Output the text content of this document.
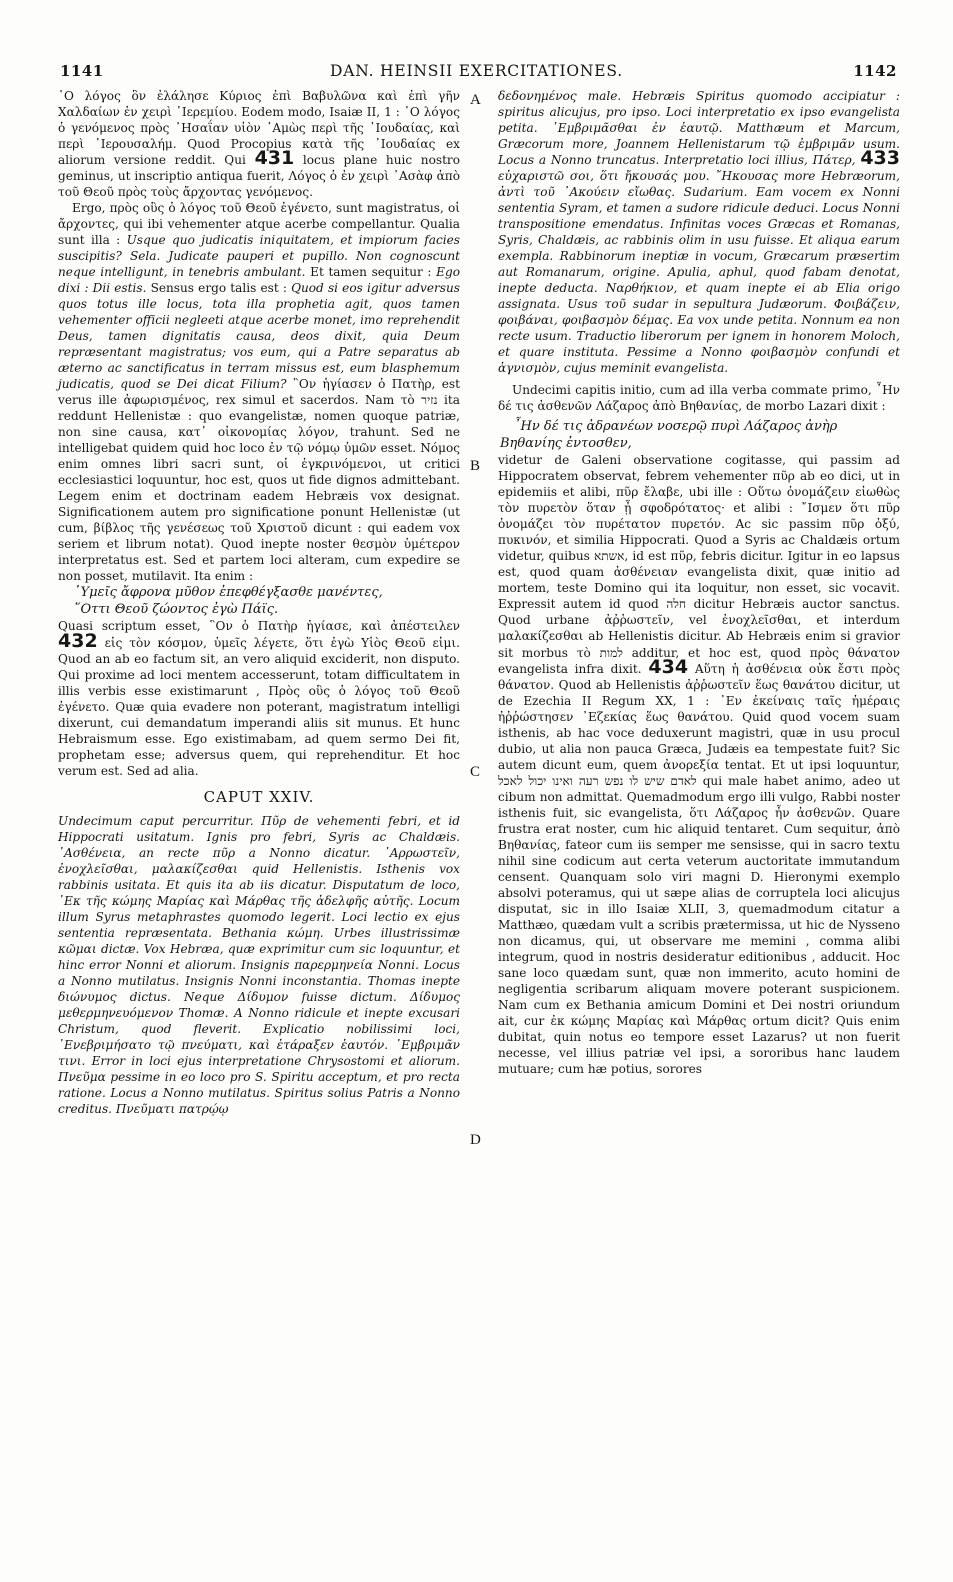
1141	DAN. HEINSII EXERCITATIONES.	1142
A
B
C
D

῾Ο λόγος ὃν ἐλάλησε Κύριος ἐπὶ Βαβυλῶνα καὶ ἐπὶ γῆν Χαλδαίων ἐν χειρὶ ᾿Ιερεμίου. Eodem modo, Isaiæ II, 1 : ῾Ο λόγος ὁ γενόμενος πρὸς ᾿Ησαΐαν υἱὸν ᾿Αμὼς περὶ τῆς ᾿Ιουδαίας, καὶ περὶ ῾Ιερουσαλήμ. Quod Procopius κατὰ τῆς ᾿Ιουδαίας ex aliorum versione reddit. Qui 431 locus plane huic nostro geminus, ut inscriptio antiqua fuerit, Λόγος ὁ ἐν χειρὶ ᾿Ασὰφ ἀπὸ τοῦ Θεοῦ πρὸς τοὺς ἄρχοντας γενόμενος.

Ergo, πρὸς οὓς ὁ λόγος τοῦ Θεοῦ ἐγένετο, sunt magistratus, οἱ ἄρχοντες, qui ibi vehementer atque acerbe compellantur. Qualia sunt illa : Usque quo judicatis iniquitatem, et impiorum facies suscipitis? Sela. Judicate pauperi et pupillo. Non cognoscunt neque intelligunt, in tenebris ambulant. Et tamen sequitur : Ego dixi : Dii estis. Sensus ergo talis est : Quod si eos igitur adversus quos totus ille locus, tota illa prophetia agit, quos tamen vehementer officii negleeti atque acerbe monet, imo reprehendit Deus, tamen dignitatis causa, deos dixit, quia Deum repræsentant magistratus; vos eum, qui a Patre separatus ab æterno ac sanctificatus in terram missus est, eum blasphemum judicatis, quod se Dei dicat Filium? ῝Ον ἡγίασεν ὁ Πατὴρ, est verus ille ἀφωρισμένος, rex simul et sacerdos. Nam τὸ נזיר ita reddunt Hellenistæ : quo evangelistæ, nomen quoque patriæ, non sine causa, κατ᾿ οἰκονομίας λόγον, trahunt. Sed ne intelligebat quidem quid hoc loco ἐν τῷ νόμῳ ὑμῶν esset. Νόμος enim omnes libri sacri sunt, οἱ ἐγκρινόμενοι, ut critici ecclesiastici loquuntur, hoc est, quos ut fide dignos admittebant. Legem enim et doctrinam eadem Hebræis vox designat. Significationem autem pro significatione ponunt Hellenistæ (ut cum, βίβλος τῆς γενέσεως τοῦ Χριστοῦ dicunt : qui eadem vox seriem et librum notat). Quod inepte noster θεσμὸν ὑμέτερον interpretatus est. Sed et partem loci alteram, cum expedire se non posset, mutilavit. Ita enim :

῾Υμεῖς ἄφρονα μῦθον ἐπεφθέγξασθε μανέντες,

῞Οττι Θεοῦ ζώοντος ἐγὼ Πάϊς.

Quasi scriptum esset, ῝Ον ὁ Πατὴρ ἡγίασε, καὶ ἀπέστειλεν 432 εἰς τὸν κόσμον, ὑμεῖς λέγετε, ὅτι ἐγὼ Υἱὸς Θεοῦ εἰμι. Quod an ab eo factum sit, an vero aliquid exciderit, non disputo. Qui proxime ad loci mentem accesserunt, totam difficultatem in illis verbis esse existimarunt , Πρὸς οὓς ὁ λόγος τοῦ Θεοῦ ἐγένετο. Quæ quia evadere non poterant, magistratum intelligi dixerunt, cui demandatum imperandi aliis sit munus. Et hunc Hebraismum esse. Ego existimabam, ad quem sermo Dei fit, prophetam esse; adversus quem, qui reprehenditur. Et hoc verum est. Sed ad alia.

CAPUT XXIV.

Undecimum caput percurritur. Πῦρ de vehementi febri, et id Hippocrati usitatum. Ignis pro febri, Syris ac Chaldæis. ᾿Ασθένεια, an recte πῦρ a Nonno dicatur. ᾿Αρρωστεῖν, ἐνοχλεῖσθαι, μαλακίζεσθαι quid Hellenistis. Isthenis vox rabbinis usitata. Et quis ita ab iis dicatur. Disputatum de loco, ᾿Εκ τῆς κώμης Μαρίας καὶ Μάρθας τῆς ἀδελφῆς αὐτῆς. Locum illum Syrus metaphrastes quomodo legerit. Loci lectio ex ejus sententia repræsentata. Bethania κώμη. Urbes illustrissimæ κῶμαι dictæ. Vox Hebræa, quæ exprimitur cum sic loquuntur, et hinc error Nonni et aliorum. Insignis παρερμηνεία Nonni. Locus a Nonno mutilatus. Insignis Nonni inconstantia. Thomas inepte διώνυμος dictus. Neque Δίδυμον fuisse dictum. Δίδυμος μεθερμηνευόμενον Thomæ. A Nonno ridicule et inepte excusari Christum, quod fleverit. Explicatio nobilissimi loci, ᾿Ενεβριμήσατο τῷ πνεύματι, καὶ ἐτάραξεν ἑαυτόν. ᾿Εμβριμᾶν τινι. Error in loci ejus interpretatione Chrysostomi et aliorum. Πνεῦμα pessime in eo loco pro S. Spiritu acceptum, et pro recta ratione. Locus a Nonno mutilatus. Spiritus solius Patris a Nonno creditus. Πνεῦματι πατρῴῳ

δεδονημένος male. Hebræis Spiritus quomodo accipiatur : spiritus alicujus, pro ipso. Loci interpretatio ex ipso evangelista petita. ᾿Εμβριμᾶσθαι ἐν ἑαυτῷ. Matthæum et Marcum, Græcorum more, Joannem Hellenistarum τῷ ἐμβριμᾶν usum. Locus a Nonno truncatus. Interpretatio loci illius, Πάτερ, 433 εὐχαριστῶ σοι, ὅτι ἤκουσάς μου. ῎Ηκουσας more Hebræorum, ἀντὶ τοῦ ᾿Ακούειν εἴωθας. Sudarium. Eam vocem ex Nonni sententia Syram, et tamen a sudore ridicule deduci. Locus Nonni transpositione emendatus. Infinitas voces Græcas et Romanas, Syris, Chaldæis, ac rabbinis olim in usu fuisse. Et aliqua earum exempla. Rabbinorum ineptiæ in vocum, Græcarum præsertim aut Romanarum, origine. Apulia, aphul, quod fabam denotat, inepte deducta. Ναρθήκιον, et quam inepte ei ab Elia origo assignata. Usus τοῦ sudar in sepultura Judæorum. Φοιβάζειν, φοιβάναι, φοιβασμὸν δέμας. Ea vox unde petita. Nonnum ea non recte usum. Traductio liberorum per ignem in honorem Moloch, et quare instituta. Pessime a Nonno φοιβασμὸν confundi et ἁγνισμὸν, cujus meminit evangelista.

Undecimi capitis initio, cum ad illa verba commate primo, ῏Ην δέ τις ἀσθενῶν Λάζαρος ἀπὸ Βηθανίας, de morbo Lazari dixit :

῏Ην δέ τις ἀδρανέων νοσερῷ πυρὶ Λάζαρος ἀνὴρ

Βηθανίης ἐντοσθεν,

videtur de Galeni observatione cogitasse, qui passim ad Hippocratem observat, febrem vehementer πῦρ ab eo dici, ut in epidemiis et alibi, πῦρ ἔλαβε, ubi ille : Οὕτω ὀνομάζειν εἰωθὼς τὸν πυρετὸν ὅταν ᾖ σφοδρότατος· et alibi : ῎Ισμεν ὅτι πῦρ ὀνομάζει τὸν πυρέτατον πυρετόν. Ac sic passim πῦρ ὀξύ, πυκινόν, et similia Hippocrati. Quod a Syris ac Chaldæis ortum videtur, quibus אשתא, id est πῦρ, febris dicitur. Igitur in eo lapsus est, quod quam ἀσθένειαν evangelista dixit, quæ initio ad mortem, teste Domino qui ita loquitur, non esset, sic vocavit. Expressit autem id quod חלה dicitur Hebræis auctor sanctus. Quod urbane ἀῤῥωστεῖν, vel ἐνοχλεῖσθαι, et interdum μαλακίζεσθαι ab Hellenistis dicitur. Ab Hebræis enim si gravior sit morbus τὸ למות additur, et hoc est, quod πρὸς θάνατον evangelista infra dixit. 434 Αὕτη ἡ ἀσθένεια οὐκ ἔστι πρὸς θάνατον. Quod ab Hellenistis ἀῤῥωστεῖν ἕως θανάτου dicitur, ut de Ezechia II Regum XX, 1 : ᾿Εν ἐκείναις ταῖς ἡμέραις ἠῤῥώστησεν ᾿Εζεκίας ἕως θανάτου. Quid quod vocem suam isthenis, ab hac voce deduxerunt magistri, quæ in usu procul dubio, ut alia non pauca Græca, Judæis ea tempestate fuit? Sic autem dicunt eum, quem ἀνορεξία tentat. Et ut ipsi loquuntur, לאדם שיש לו נפש רעה ואינו יכול לאכל qui male habet animo, adeo ut cibum non admittat. Quemadmodum ergo illi vulgo, Rabbi noster isthenis fuit, sic evangelista, ὅτι Λάζαρος ἦν ἀσθενῶν. Quare frustra erat noster, cum hic aliquid tentaret. Cum sequitur, ἀπὸ Βηθανίας, fateor cum iis semper me sensisse, qui in sacro textu nihil sine codicum aut certa veterum auctoritate immutandum censent. Quanquam solo viri magni D. Hieronymi exemplo absolvi poteramus, qui ut sæpe alias de corruptela loci alicujus disputat, sic in illo Isaiæ XLII, 3, quemadmodum citatur a Matthæo, quædam vult a scribis prætermissa, ut hic de Nysseno non dicamus, qui, ut observare me memini , comma alibi integrum, quod in nostris desideratur editionibus , adducit. Hoc sane loco quædam sunt, quæ non immerito, acuto homini de negligentia scribarum aliquam movere poterant suspicionem. Nam cum ex Bethania amicum Domini et Dei nostri oriundum ait, cur ἐκ κώμης Μαρίας καὶ Μάρθας ortum dicit? Quis enim dubitat, quin notus eo tempore esset Lazarus? ut non fuerit necesse, vel illius patriæ vel ipsi, a sororibus hanc laudem mutuare; cum hæ potius, sorores
